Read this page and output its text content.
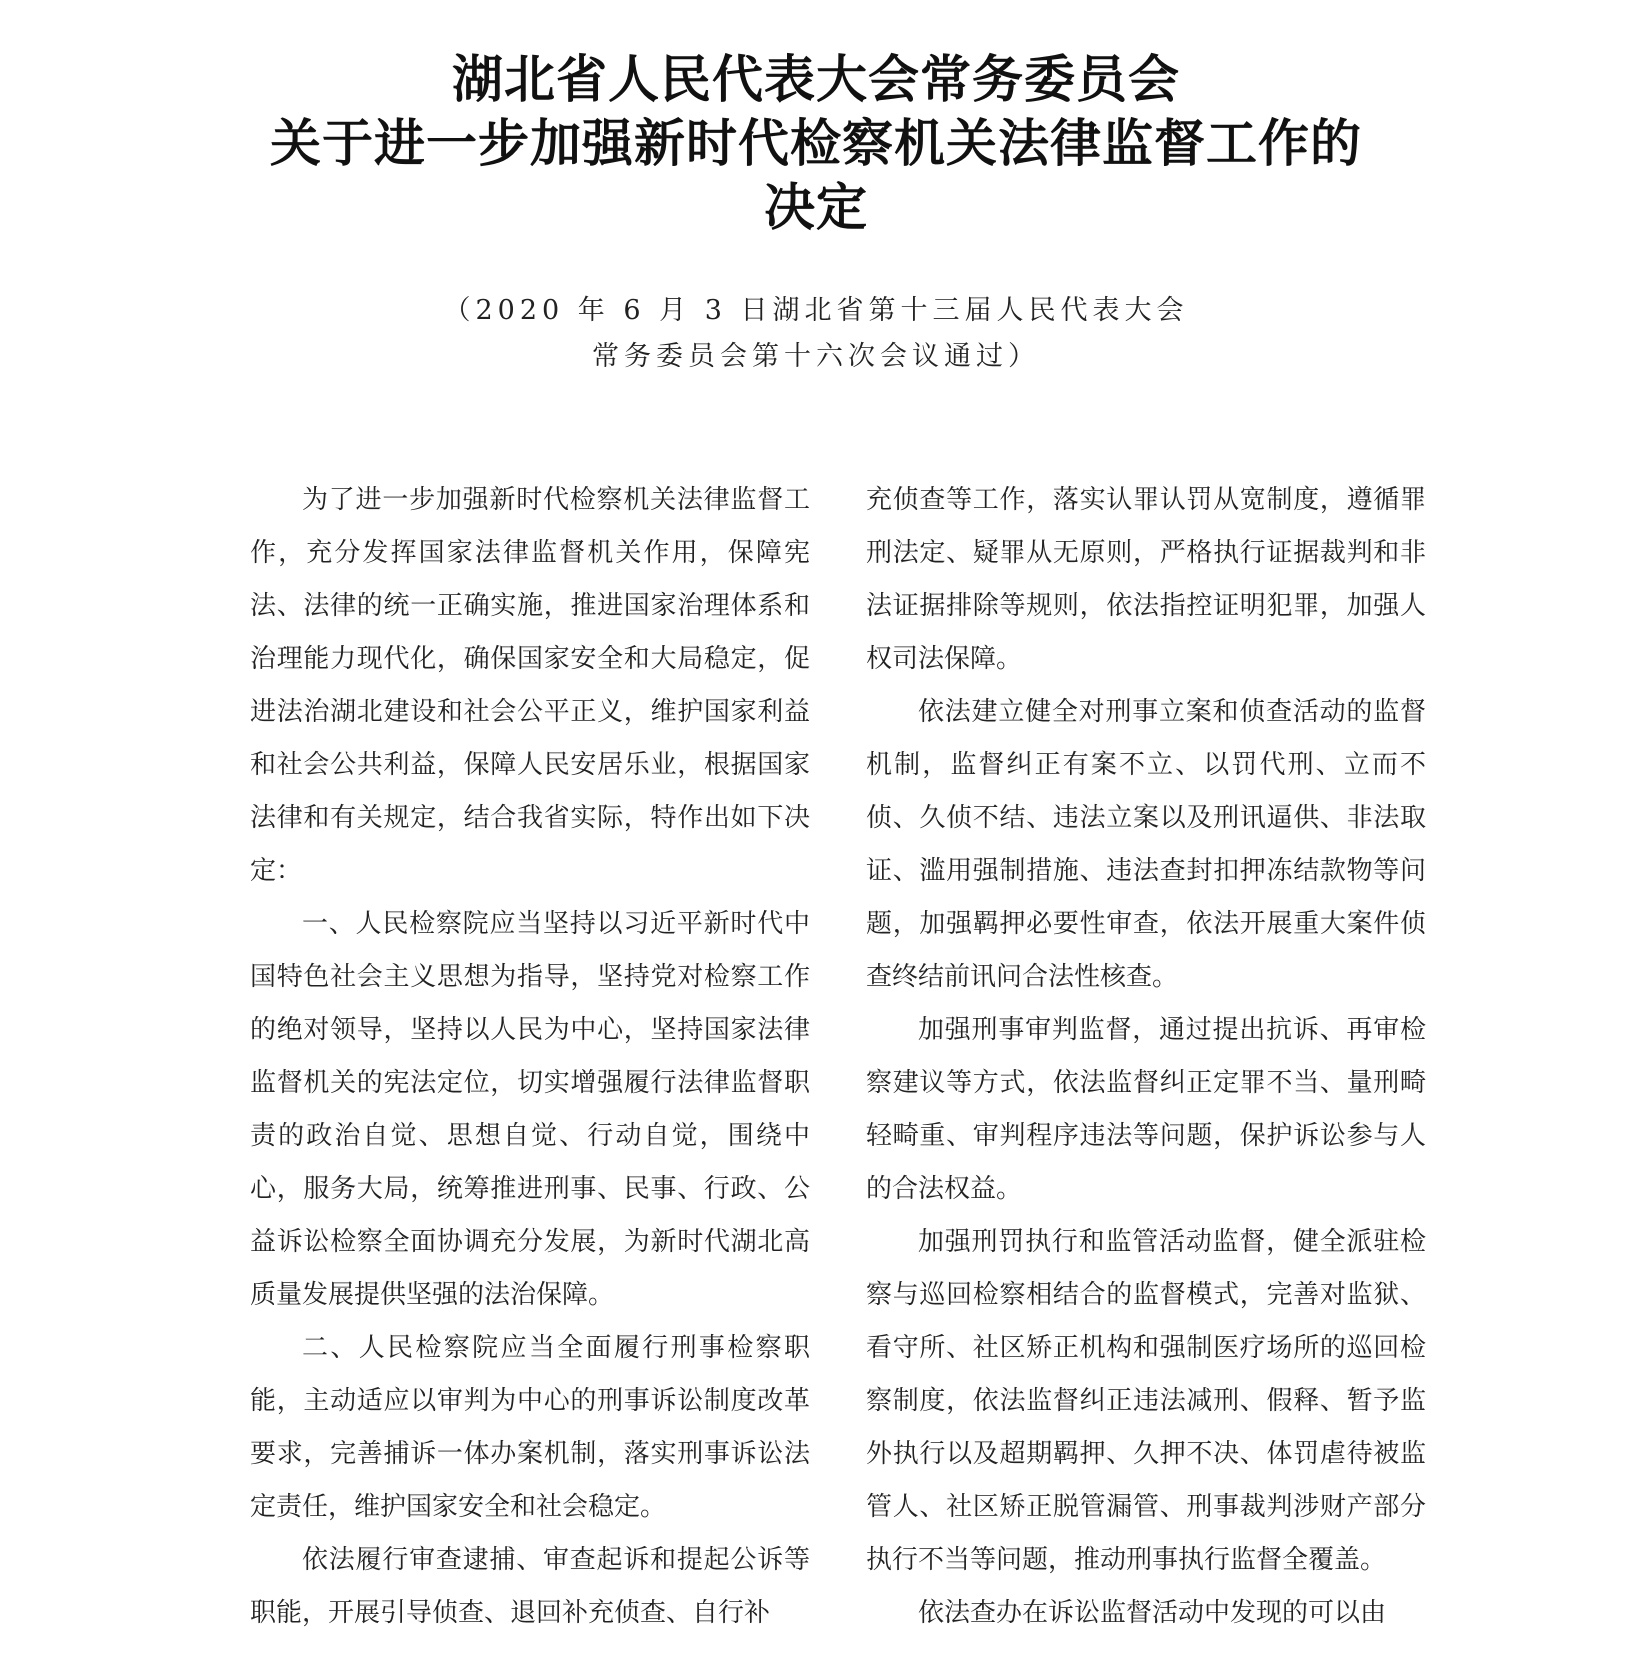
湖北省人民代表大会常务委员会

关于进一步加强新时代检察机关法律监督工作的

决定

（2020 年 6 月 3 日湖北省第十三届人民代表大会

常务委员会第十六次会议通过）

为了进一步加强新时代检察机关法律监督工作，充分发挥国家法律监督机关作用，保障宪法、法律的统一正确实施，推进国家治理体系和治理能力现代化，确保国家安全和大局稳定，促进法治湖北建设和社会公平正义，维护国家利益和社会公共利益，保障人民安居乐业，根据国家法律和有关规定，结合我省实际，特作出如下决定：

一、人民检察院应当坚持以习近平新时代中国特色社会主义思想为指导，坚持党对检察工作的绝对领导，坚持以人民为中心，坚持国家法律监督机关的宪法定位，切实增强履行法律监督职责的政治自觉、思想自觉、行动自觉，围绕中心，服务大局，统筹推进刑事、民事、行政、公益诉讼检察全面协调充分发展，为新时代湖北高质量发展提供坚强的法治保障。

二、人民检察院应当全面履行刑事检察职能，主动适应以审判为中心的刑事诉讼制度改革要求，完善捕诉一体办案机制，落实刑事诉讼法定责任，维护国家安全和社会稳定。

依法履行审查逮捕、审查起诉和提起公诉等职能，开展引导侦查、退回补充侦查、自行补

充侦查等工作，落实认罪认罚从宽制度，遵循罪刑法定、疑罪从无原则，严格执行证据裁判和非法证据排除等规则，依法指控证明犯罪，加强人权司法保障。

依法建立健全对刑事立案和侦查活动的监督机制，监督纠正有案不立、以罚代刑、立而不侦、久侦不结、违法立案以及刑讯逼供、非法取证、滥用强制措施、违法查封扣押冻结款物等问题，加强羁押必要性审查，依法开展重大案件侦查终结前讯问合法性核查。

加强刑事审判监督，通过提出抗诉、再审检察建议等方式，依法监督纠正定罪不当、量刑畸轻畸重、审判程序违法等问题，保护诉讼参与人的合法权益。

加强刑罚执行和监管活动监督，健全派驻检察与巡回检察相结合的监督模式，完善对监狱、看守所、社区矫正机构和强制医疗场所的巡回检察制度，依法监督纠正违法减刑、假释、暂予监外执行以及超期羁押、久押不决、体罚虐待被监管人、社区矫正脱管漏管、刑事裁判涉财产部分执行不当等问题，推动刑事执行监督全覆盖。

依法查办在诉讼监督活动中发现的可以由
